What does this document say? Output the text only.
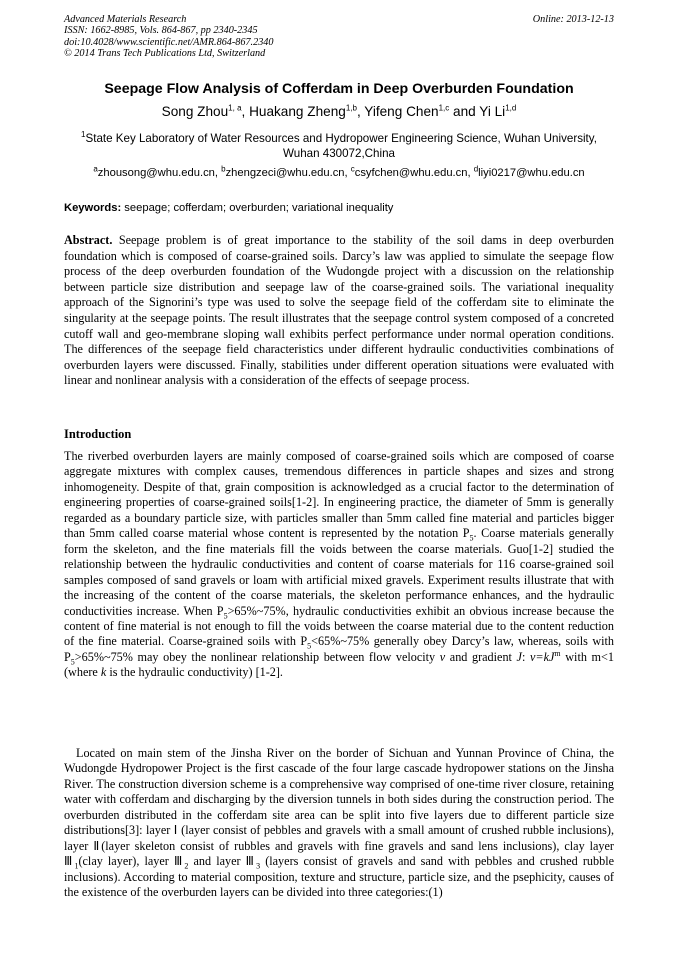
Advanced Materials Research
ISSN: 1662-8985, Vols. 864-867, pp 2340-2345
doi:10.4028/www.scientific.net/AMR.864-867.2340
© 2014 Trans Tech Publications Ltd, Switzerland
Online: 2013-12-13
Seepage Flow Analysis of Cofferdam in Deep Overburden Foundation
Song Zhou$^{1, a}$, Huakang Zheng$^{1,b}$, Yifeng Chen$^{1,c}$ and Yi Li$^{1,d}$
$^1$State Key Laboratory of Water Resources and Hydropower Engineering Science, Wuhan University, Wuhan 430072,China
$^a$zhousong@whu.edu.cn, $^b$zhengzeci@whu.edu.cn, $^c$csyfchen@whu.edu.cn, $^d$liyi0217@whu.edu.cn
Keywords: seepage; cofferdam; overburden; variational inequality

Abstract. Seepage problem is of great importance to the stability of the soil dams in deep overburden foundation which is composed of coarse-grained soils. Darcy’s law was applied to simulate the seepage flow process of the deep overburden foundation of the Wudongde project with a discussion on the relationship between particle size distribution and seepage law of the coarse-grained soils. The variational inequality approach of the Signorini’s type was used to solve the seepage field of the cofferdam site to eliminate the singularity at the seepage points. The result illustrates that the seepage control system composed of a concreted cutoff wall and geo-membrane sloping wall exhibits perfect performance under normal operation conditions. The differences of the seepage field characteristics under different hydraulic conductivities combinations of overburden layers were discussed. Finally, stabilities under different operation situations were evaluated with linear and nonlinear analysis with a consideration of the effects of seepage process.

Introduction

The riverbed overburden layers are mainly composed of coarse-grained soils which are composed of coarse aggregate mixtures with complex causes, tremendous differences in particle shapes and sizes and strong inhomogeneity. Despite of that, grain composition is acknowledged as a crucial factor to the determination of engineering properties of coarse-grained soils[1-2]. In engineering practice, the diameter of 5mm is generally regarded as a boundary particle size, with particles smaller than 5mm called fine material and particles bigger than 5mm called coarse material whose content is represented by the notation $P_5$. Coarse materials generally form the skeleton, and the fine materials fill the voids between the coarse materials. Guo[1-2] studied the relationship between the hydraulic conductivities and content of coarse materials for 116 coarse-grained soil samples composed of sand gravels or loam with artificial mixed gravels. Experiment results illustrate that with the increasing of the content of the coarse materials, the skeleton performance enhances, and the hydraulic conductivities increase. When $P_5>65\%\sim 75\%$, hydraulic conductivities exhibit an obvious increase because the content of fine material is not enough to fill the voids between the coarse material due to the content reduction of the fine material. Coarse-grained soils with $P_5<65\%\sim 75\%$ generally obey Darcy’s law, whereas, soils with $P_5>65\%\sim 75\%$ may obey the nonlinear relationship between flow velocity v and gradient J: $v=kJ^m$ with m<1 (where k is the hydraulic conductivity) [1-2].

Located on main stem of the Jinsha River on the border of Sichuan and Yunnan Province of China, the Wudongde Hydropower Project is the first cascade of the four large cascade hydropower stations on the Jinsha River. The construction diversion scheme is a comprehensive way comprised of one-time river closure, retaining water with cofferdam and discharging by the diversion tunnels in both sides during the construction period. The overburden distributed in the cofferdam site area can be split into five layers due to different particle size distributions[3]: layer Ⅰ (layer consist of pebbles and gravels with a small amount of crushed rubble inclusions), layer Ⅱ(layer skeleton consist of rubbles and gravels with fine gravels and sand lens inclusions), clay layer $Ⅲ_1(clay$ layer), layer $Ⅲ_2$ and layer $Ⅲ_3$ (layers consist of gravels and sand with pebbles and crushed rubble inclusions). According to material composition, texture and structure, particle size, and the psephicity, causes of the existence of the overburden layers can be divided into three categories:(1)
